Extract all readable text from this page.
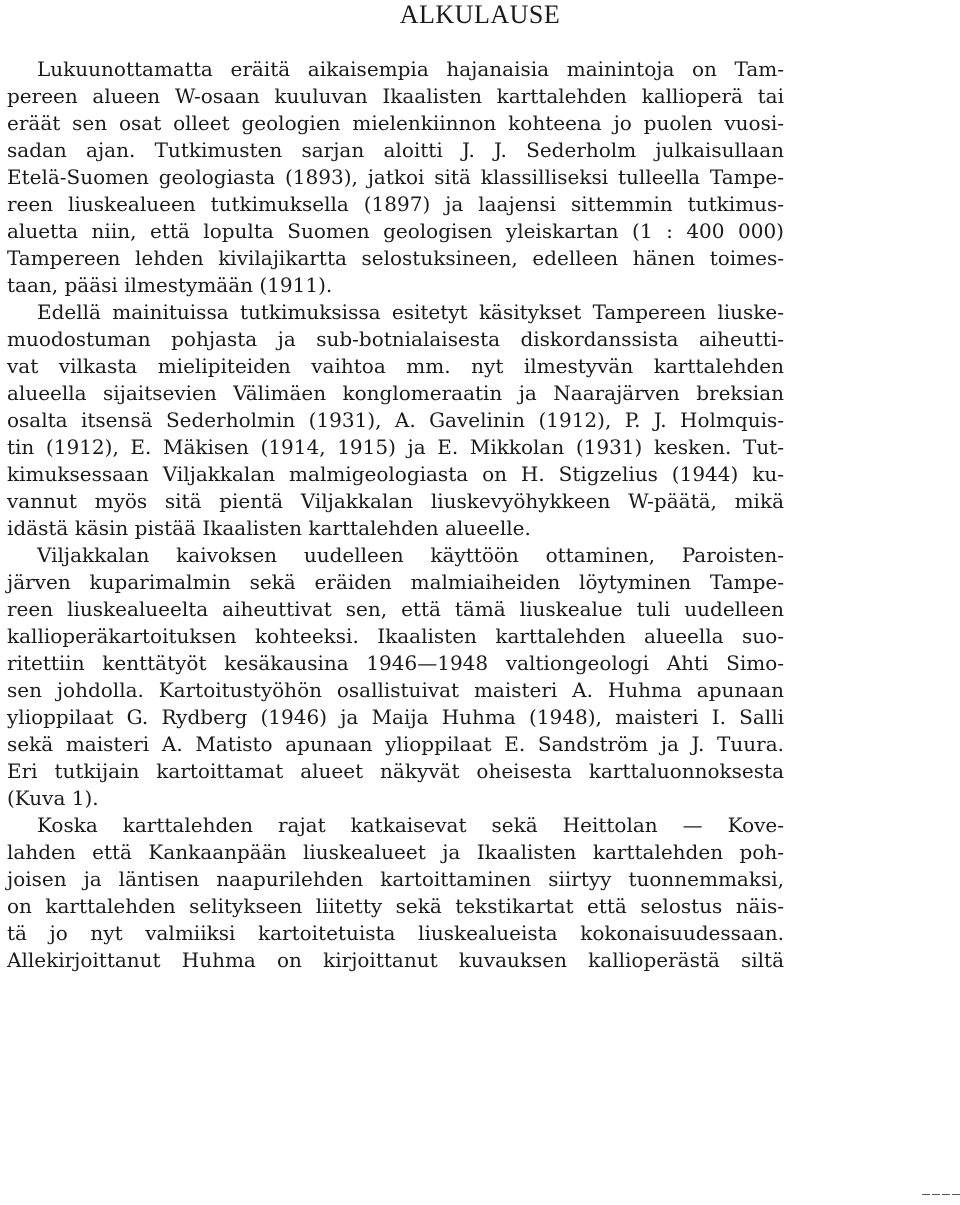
ALKULAUSE
Lukuunottamatta eräitä aikaisempia hajanaisia mainintoja on Tam-
pereen alueen W-osaan kuuluvan Ikaalisten karttalehden kallioperä tai
eräät sen osat olleet geologien mielenkiinnon kohteena jo puolen vuosi-
sadan ajan. Tutkimusten sarjan aloitti J. J. Sederholm julkaisullaan
Etelä-Suomen geologiasta (1893), jatkoi sitä klassilliseksi tulleella Tampe-
reen liuskealueen tutkimuksella (1897) ja laajensi sittemmin tutkimus-
aluetta niin, että lopulta Suomen geologisen yleiskartan (1 : 400 000)
Tampereen lehden kivilajikartta selostuksineen, edelleen hänen toimes-
taan, pääsi ilmestymään (1911).
Edellä mainituissa tutkimuksissa esitetyt käsitykset Tampereen liuske-
muodostuman pohjasta ja sub-botnialaisesta diskordanssista aiheutti-
vat vilkasta mielipiteiden vaihtoa mm. nyt ilmestyvän karttalehden
alueella sijaitsevien Välimäen konglomeraatin ja Naarajärven breksian
osalta itsensä Sederholmin (1931), A. Gavelinin (1912), P. J. Holmquis-
tin (1912), E. Mäkisen (1914, 1915) ja E. Mikkolan (1931) kesken. Tut-
kimuksessaan Viljakkalan malmigeologiasta on H. Stigzelius (1944) ku-
vannut myös sitä pientä Viljakkalan liuskevyöhykkeen W-päätä, mikä
idästä käsin pistää Ikaalisten karttalehden alueelle.
Viljakkalan kaivoksen uudelleen käyttöön ottaminen, Paroisten-
järven kuparimalmin sekä eräiden malmiaiheiden löytyminen Tampe-
reen liuskealueelta aiheuttivat sen, että tämä liuskealue tuli uudelleen
kallioperäkartoituksen kohteeksi. Ikaalisten karttalehden alueella suo-
ritettiin kenttätyöt kesäkausina 1946—1948 valtiongeologi Ahti Simo-
sen johdolla. Kartoitustyöhön osallistuivat maisteri A. Huhma apunaan
ylioppilaat G. Rydberg (1946) ja Maija Huhma (1948), maisteri I. Salli
sekä maisteri A. Matisto apunaan ylioppilaat E. Sandström ja J. Tuura.
Eri tutkijain kartoittamat alueet näkyvät oheisesta karttaluonnoksesta
(Kuva 1).
Koska karttalehden rajat katkaisevat sekä Heittolan — Kove-
lahden että Kankaanpään liuskealueet ja Ikaalisten karttalehden poh-
joisen ja läntisen naapurilehden kartoittaminen siirtyy tuonnemmaksi,
on karttalehden selitykseen liitetty sekä tekstikartat että selostus näis-
tä jo nyt valmiiksi kartoitetuista liuskealueista kokonaisuudessaan.
Allekirjoittanut Huhma on kirjoittanut kuvauksen kallioperästä siltä
